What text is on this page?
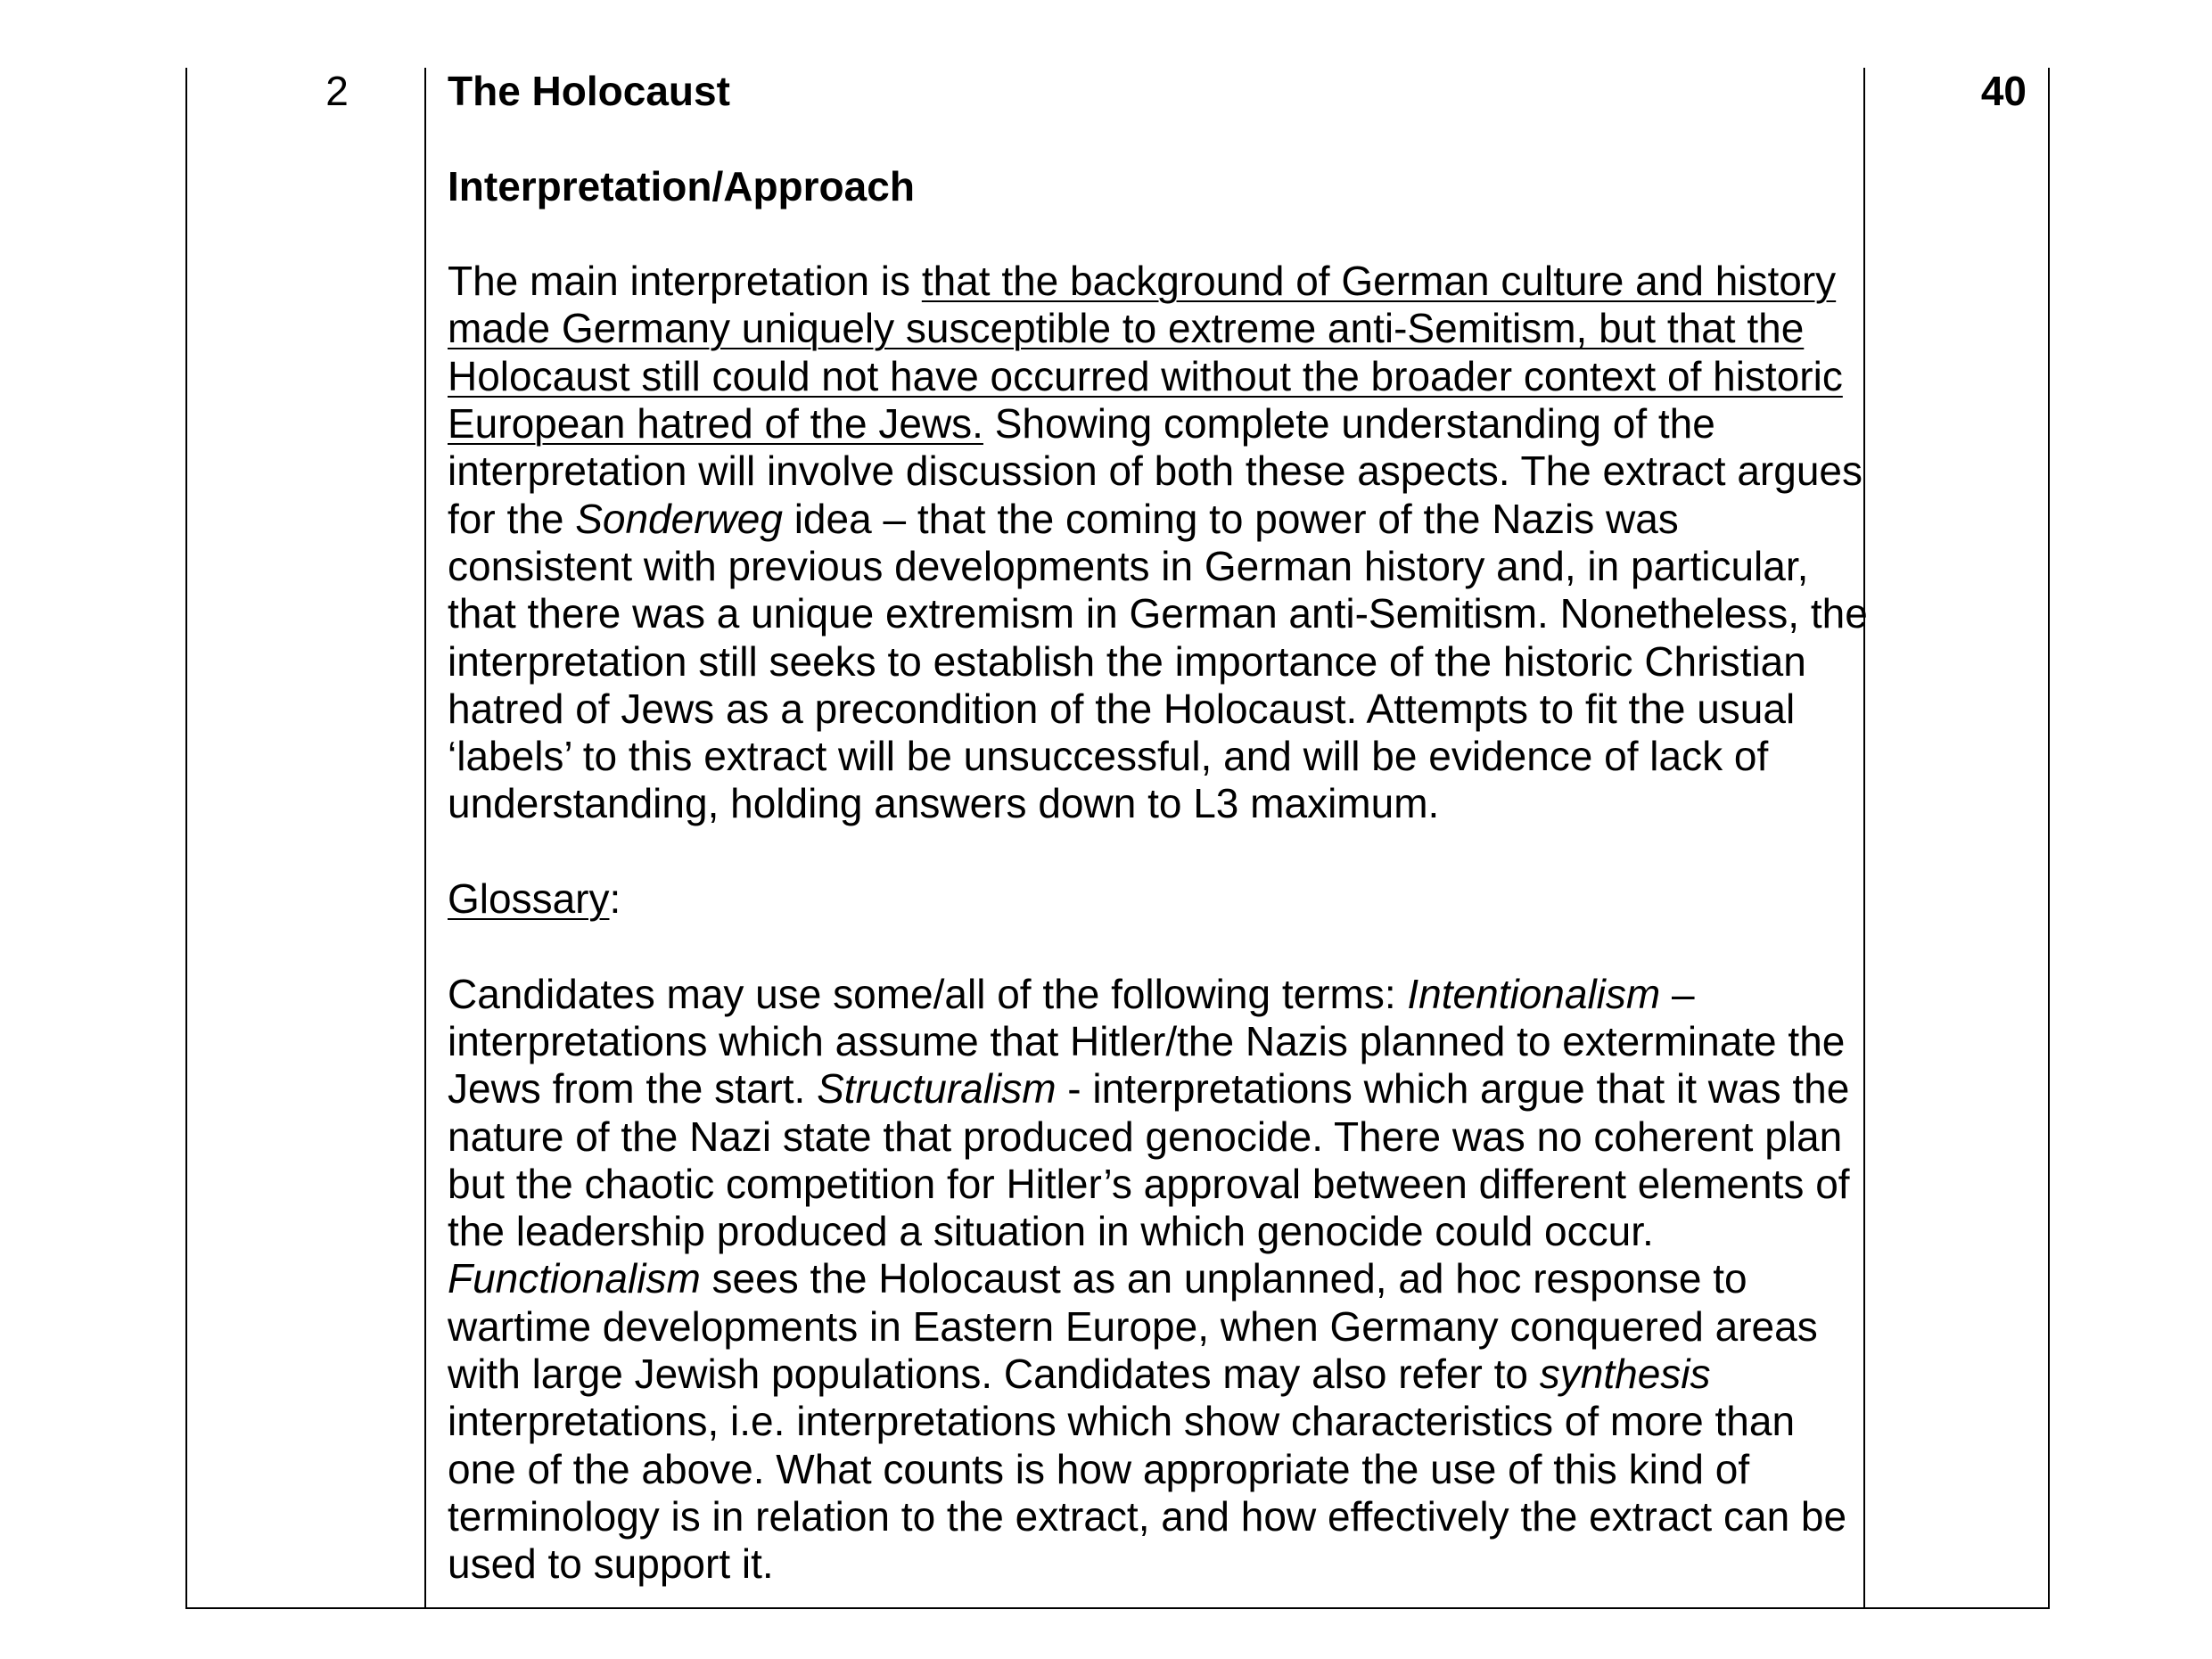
2	The Holocaust

Interpretation/Approach

The main interpretation is that the background of German culture and history made Germany uniquely susceptible to extreme anti-Semitism, but that the Holocaust still could not have occurred without the broader context of historic European hatred of the Jews. Showing complete understanding of the interpretation will involve discussion of both these aspects. The extract argues for the Sonderweg idea – that the coming to power of the Nazis was consistent with previous developments in German history and, in particular, that there was a unique extremism in German anti-Semitism. Nonetheless, the interpretation still seeks to establish the importance of the historic Christian hatred of Jews as a precondition of the Holocaust. Attempts to fit the usual ‘labels’ to this extract will be unsuccessful, and will be evidence of lack of understanding, holding answers down to L3 maximum.

Glossary:

Candidates may use some/all of the following terms: Intentionalism – interpretations which assume that Hitler/the Nazis planned to exterminate the Jews from the start. Structuralism - interpretations which argue that it was the nature of the Nazi state that produced genocide. There was no coherent plan but the chaotic competition for Hitler’s approval between different elements of the leadership produced a situation in which genocide could occur. Functionalism sees the Holocaust as an unplanned, ad hoc response to wartime developments in Eastern Europe, when Germany conquered areas with large Jewish populations. Candidates may also refer to synthesis interpretations, i.e. interpretations which show characteristics of more than one of the above. What counts is how appropriate the use of this kind of terminology is in relation to the extract, and how effectively the extract can be used to support it.

40
